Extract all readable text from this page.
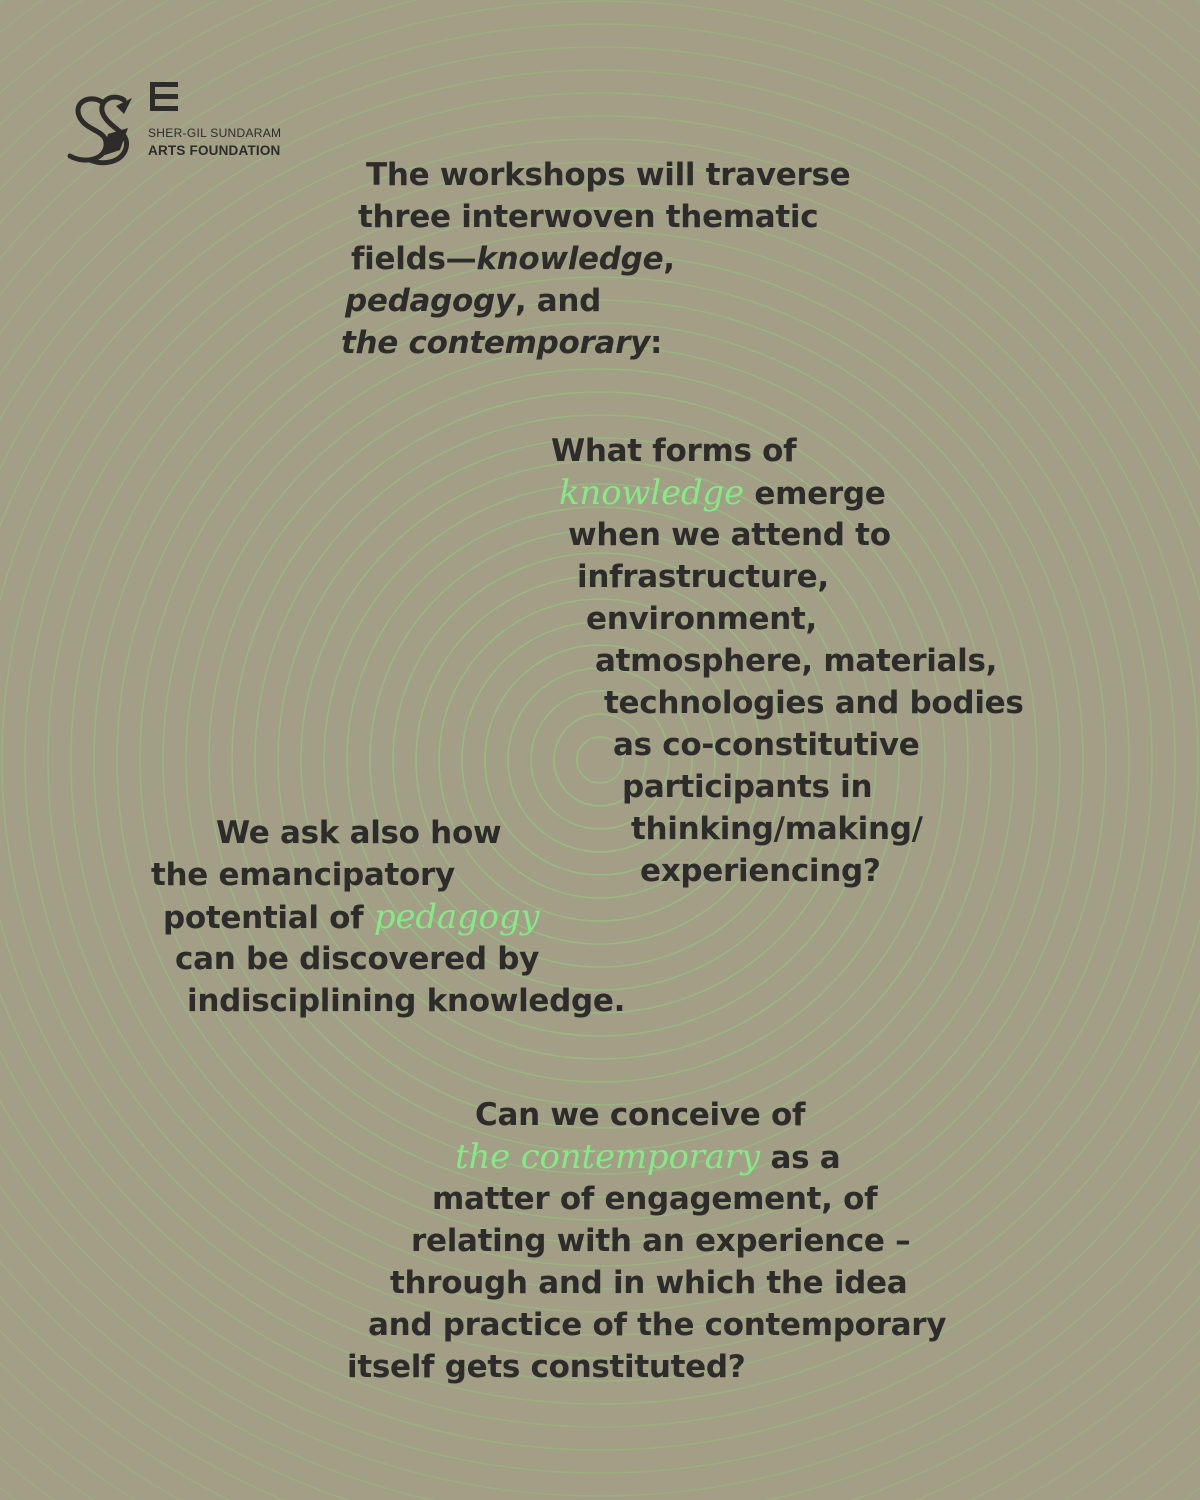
SHER-GIL SUNDARAM
ARTS FOUNDATION
The workshops will traverse
three interwoven thematic
fields—knowledge,
pedagogy, and
the contemporary:
What forms of
knowledge emerge
when we attend to
infrastructure,
environment,
atmosphere, materials,
technologies and bodies
as co-constitutive
participants in
thinking/making/
experiencing?
We ask also how
the emancipatory
potential of pedagogy
can be discovered by
indisciplining knowledge.
Can we conceive of
the contemporary as a
matter of engagement, of
relating with an experience –
through and in which the idea
and practice of the contemporary
itself gets constituted?
